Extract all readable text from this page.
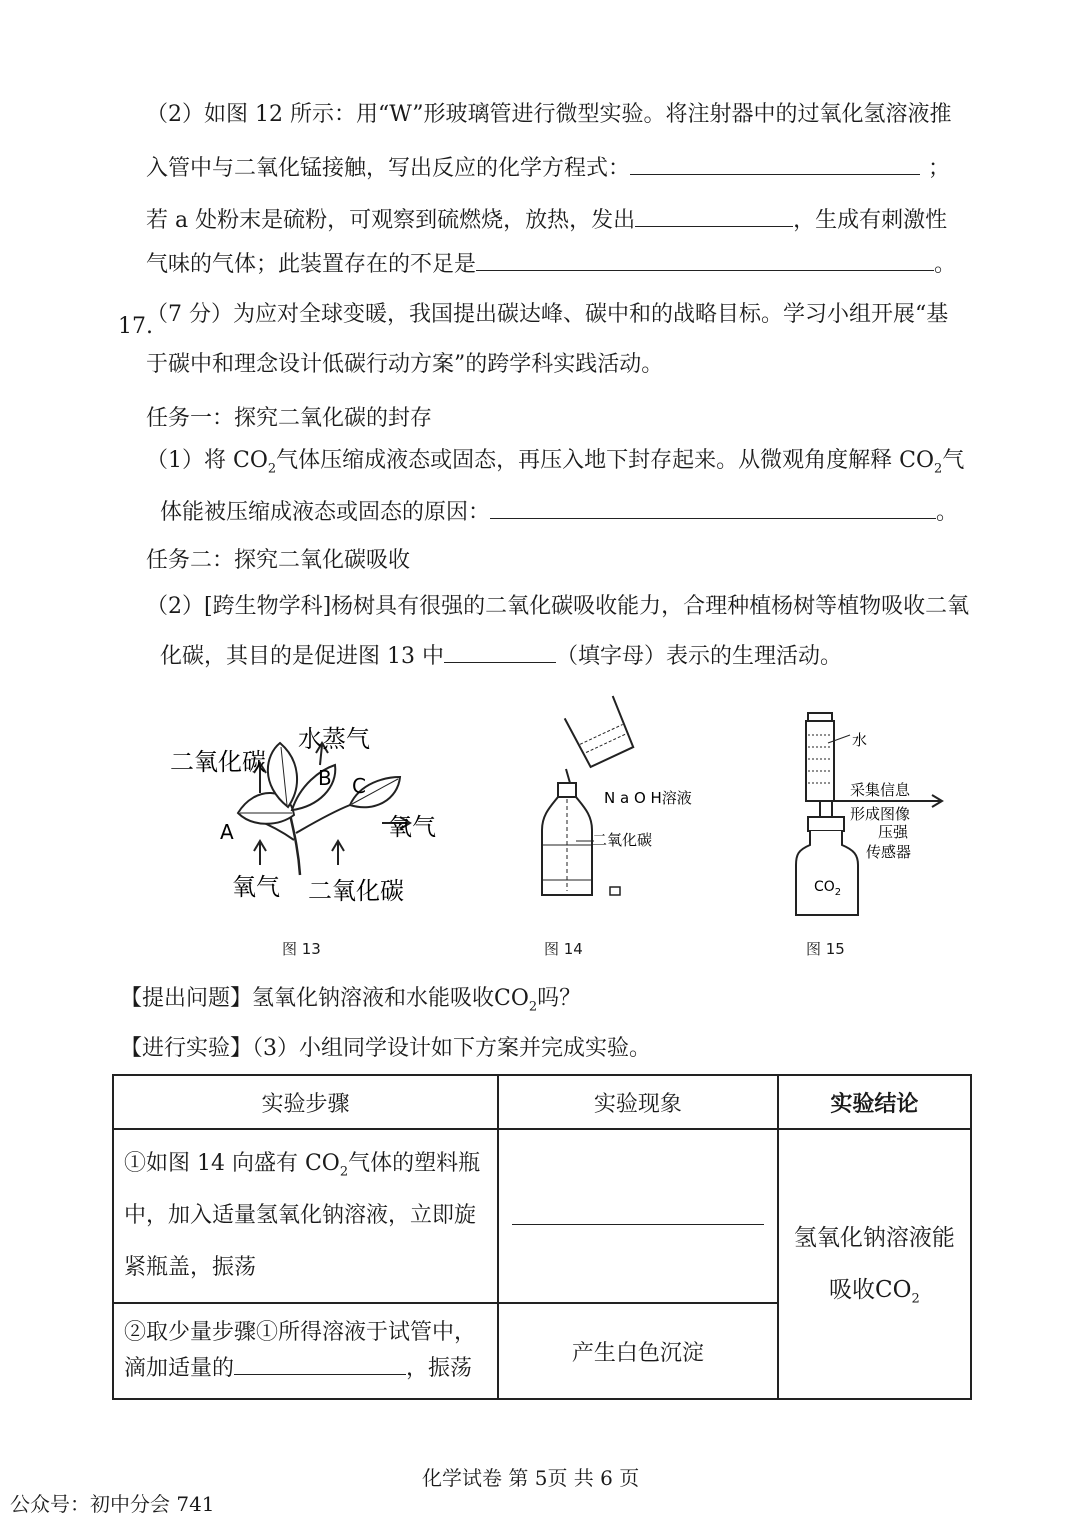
（2）如图 12 所示：用“W”形玻璃管进行微型实验。将注射器中的过氧化氢溶液推
入管中与二氧化锰接触，写出反应的化学方程式：	；
若 a 处粉末是硫粉，可观察到硫燃烧，放热，发出	，生成有刺激性
气味的气体；此装置存在的不足是	。
17.
（7 分）为应对全球变暖，我国提出碳达峰、碳中和的战略目标。学习小组开展“基
于碳中和理念设计低碳行动方案”的跨学科实践活动。
任务一：探究二氧化碳的封存
（1）将 $CO_2$气体压缩成液态或固态，再压入地下封存起来。从微观角度解释 $CO_2$气
体能被压缩成液态或固态的原因：	。
任务二：探究二氧化碳吸收
（2）[跨生物学科]杨树具有很强的二氧化碳吸收能力，合理种植杨树等植物吸收二氧
化碳，其目的是促进图 13 中	（填字母）表示的生理活动。
二氧化碳
水蒸气
氧气
氧气 二氧化碳
A
B C
图 13
N a O H溶液
二氧化碳
图 14
水
采集信息
形成图像
压强
传感器
$CO_2$
图 15
【提出问题】氢氧化钠溶液和水能吸收$CO_2$吗？
【进行实验】（3）小组同学设计如下方案并完成实验。
实验步骤	实验现象	实验结论
①如图 14 向盛有 $CO_2$气体的塑料瓶中，加入适量氢氧化钠溶液，立即旋紧瓶盖，振荡		氢氧化钠溶液能
吸收$CO_2$
②取少量步骤①所得溶液于试管中，滴加适量的 ，振荡	产生白色沉淀	
化学试卷 第 5页 共 6 页
公众号：初中分会 741
